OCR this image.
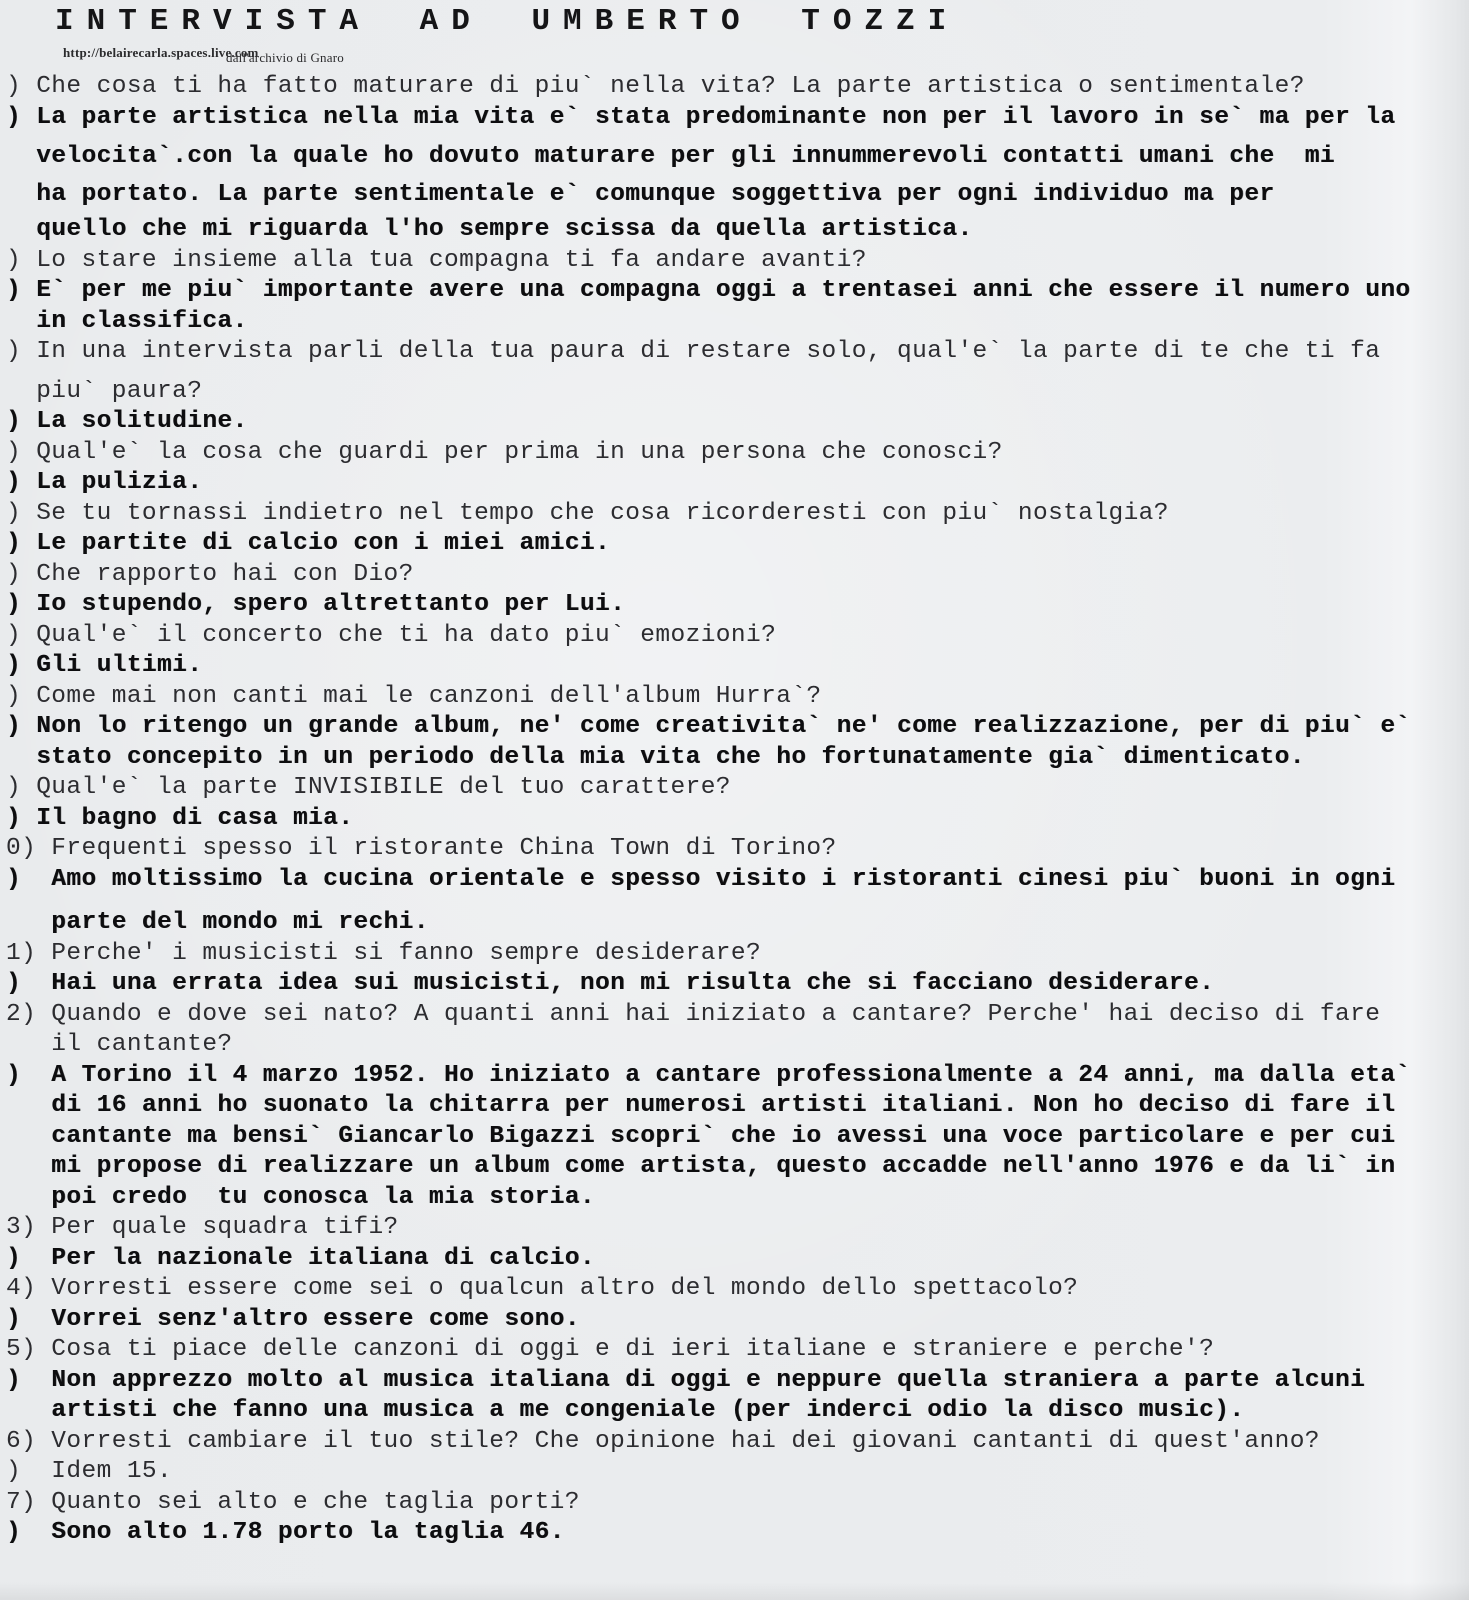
INTERVISTA AD UMBERTO TOZZI
http://belairecarla.spaces.live.com
dall'archivio di Gnaro
) Che cosa ti ha fatto maturare di piu` nella vita? La parte artistica o sentimentale?
) La parte artistica nella mia vita e` stata predominante non per il lavoro in se` ma per la
velocita`.con la quale ho dovuto maturare per gli innummerevoli contatti umani che  mi
ha portato. La parte sentimentale e` comunque soggettiva per ogni individuo ma per
quello che mi riguarda l'ho sempre scissa da quella artistica.
) Lo stare insieme alla tua compagna ti fa andare avanti?
) E` per me piu` importante avere una compagna oggi a trentasei anni che essere il numero uno
in classifica.
) In una intervista parli della tua paura di restare solo, qual'e` la parte di te che ti fa
piu` paura?
) La solitudine.
) Qual'e` la cosa che guardi per prima in una persona che conosci?
) La pulizia.
) Se tu tornassi indietro nel tempo che cosa ricorderesti con piu` nostalgia?
) Le partite di calcio con i miei amici.
) Che rapporto hai con Dio?
) Io stupendo, spero altrettanto per Lui.
) Qual'e` il concerto che ti ha dato piu` emozioni?
) Gli ultimi.
) Come mai non canti mai le canzoni dell'album Hurra`?
) Non lo ritengo un grande album, ne' come creativita` ne' come realizzazione, per di piu` e`
stato concepito in un periodo della mia vita che ho fortunatamente gia` dimenticato.
) Qual'e` la parte INVISIBILE del tuo carattere?
) Il bagno di casa mia.
0) Frequenti spesso il ristorante China Town di Torino?
)  Amo moltissimo la cucina orientale e spesso visito i ristoranti cinesi piu` buoni in ogni
parte del mondo mi rechi.
1) Perche' i musicisti si fanno sempre desiderare?
)  Hai una errata idea sui musicisti, non mi risulta che si facciano desiderare.
2) Quando e dove sei nato? A quanti anni hai iniziato a cantare? Perche' hai deciso di fare
il cantante?
)  A Torino il 4 marzo 1952. Ho iniziato a cantare professionalmente a 24 anni, ma dalla eta`
di 16 anni ho suonato la chitarra per numerosi artisti italiani. Non ho deciso di fare il
cantante ma bensi` Giancarlo Bigazzi scopri` che io avessi una voce particolare e per cui
mi propose di realizzare un album come artista, questo accadde nell'anno 1976 e da li` in
poi credo  tu conosca la mia storia.
3) Per quale squadra tifi?
)  Per la nazionale italiana di calcio.
4) Vorresti essere come sei o qualcun altro del mondo dello spettacolo?
)  Vorrei senz'altro essere come sono.
5) Cosa ti piace delle canzoni di oggi e di ieri italiane e straniere e perche'?
)  Non apprezzo molto al musica italiana di oggi e neppure quella straniera a parte alcuni
artisti che fanno una musica a me congeniale (per inderci odio la disco music).
6) Vorresti cambiare il tuo stile? Che opinione hai dei giovani cantanti di quest'anno?
)  Idem 15.
7) Quanto sei alto e che taglia porti?
)  Sono alto 1.78 porto la taglia 46.
